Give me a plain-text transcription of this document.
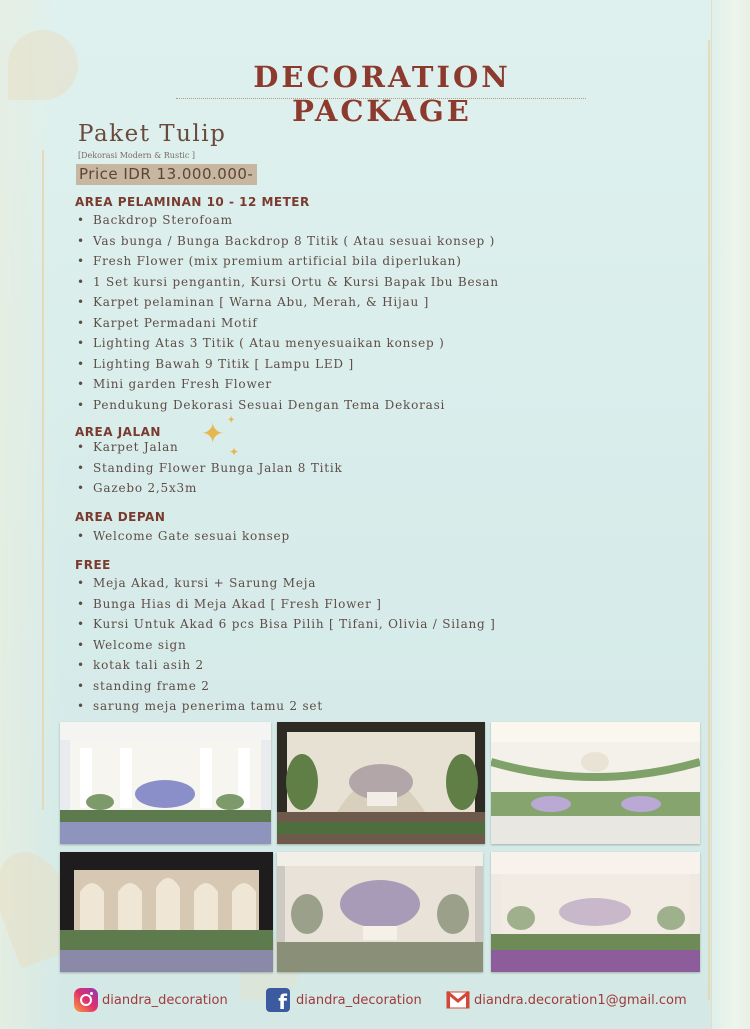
DECORATION PACKAGE
Paket Tulip
[Dekorasi Modern & Rustic ]
Price IDR 13.000.000-
AREA PELAMINAN 10 - 12 METER
• Backdrop Sterofoam
• Vas bunga / Bunga Backdrop 8 Titik ( Atau sesuai konsep )
• Fresh Flower (mix premium artificial bila diperlukan)
• 1 Set kursi pengantin, Kursi Ortu & Kursi Bapak Ibu Besan
• Karpet pelaminan [ Warna Abu, Merah, & Hijau ]
• Karpet Permadani Motif
• Lighting Atas 3 Titik ( Atau menyesuaikan konsep )
• Lighting Bawah 9 Titik [ Lampu LED ]
• Mini garden Fresh Flower
• Pendukung Dekorasi Sesuai Dengan Tema Dekorasi
AREA JALAN ✦ ✦
✦
• Karpet Jalan
• Standing Flower Bunga Jalan 8 Titik
• Gazebo 2,5x3m
AREA DEPAN
• Welcome Gate sesuai konsep
FREE
• Meja Akad, kursi + Sarung Meja
• Bunga Hias di Meja Akad [ Fresh Flower ]
• Kursi Untuk Akad 6 pcs Bisa Pilih [ Tifani, Olivia / Silang ]
• Welcome sign
• kotak tali asih 2
• standing frame 2
• sarung meja penerima tamu 2 set
diandra_decoration	f diandra_decoration	diandra.decoration1@gmail.com
